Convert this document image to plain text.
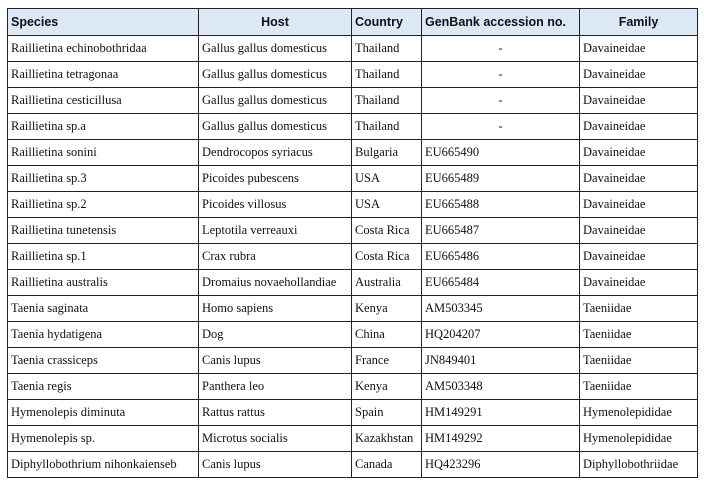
Species	Host	Country	GenBank accession no.	Family
Raillietina echinobothridaa	Gallus gallus domesticus	Thailand	-	Davaineidae
Raillietina tetragonaa	Gallus gallus domesticus	Thailand	-	Davaineidae
Raillietina cesticillusa	Gallus gallus domesticus	Thailand	-	Davaineidae
Raillietina sp.a	Gallus gallus domesticus	Thailand	-	Davaineidae
Raillietina sonini	Dendrocopos syriacus	Bulgaria	EU665490	Davaineidae
Raillietina sp.3	Picoides pubescens	USA	EU665489	Davaineidae
Raillietina sp.2	Picoides villosus	USA	EU665488	Davaineidae
Raillietina tunetensis	Leptotila verreauxi	Costa Rica	EU665487	Davaineidae
Raillietina sp.1	Crax rubra	Costa Rica	EU665486	Davaineidae
Raillietina australis	Dromaius novaehollandiae	Australia	EU665484	Davaineidae
Taenia saginata	Homo sapiens	Kenya	AM503345	Taeniidae
Taenia hydatigena	Dog	China	HQ204207	Taeniidae
Taenia crassiceps	Canis lupus	France	JN849401	Taeniidae
Taenia regis	Panthera leo	Kenya	AM503348	Taeniidae
Hymenolepis diminuta	Rattus rattus	Spain	HM149291	Hymenolepididae
Hymenolepis sp.	Microtus socialis	Kazakhstan	HM149292	Hymenolepididae
Diphyllobothrium nihonkaienseb	Canis lupus	Canada	HQ423296	Diphyllobothriidae
